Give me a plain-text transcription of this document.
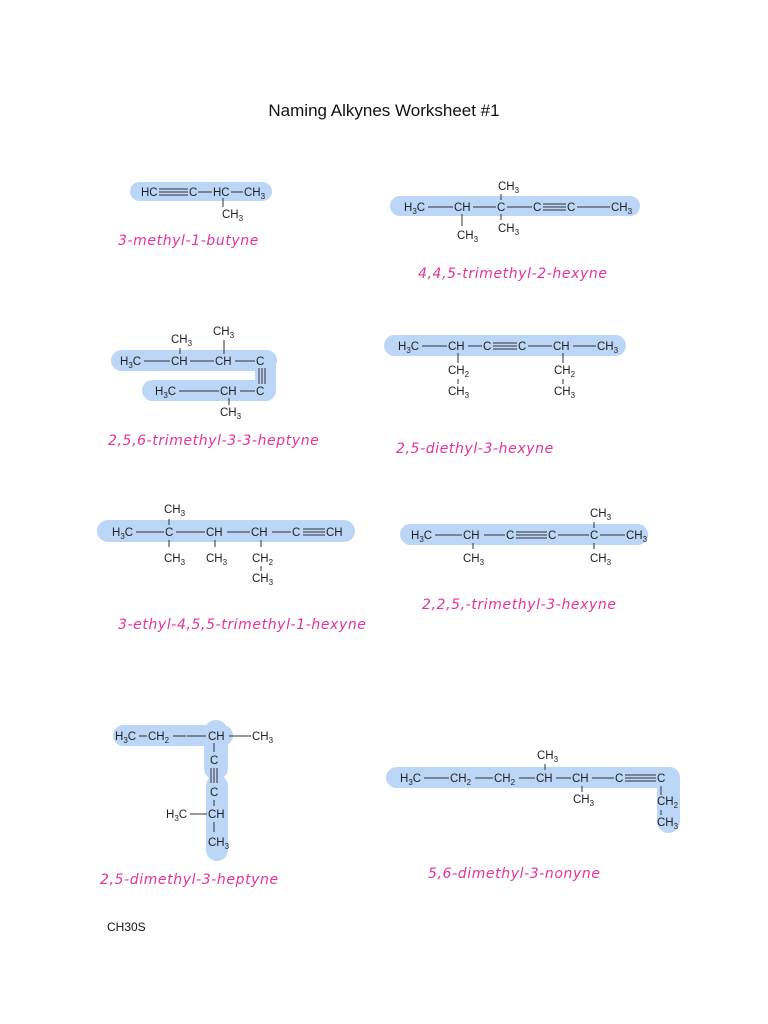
Naming Alkynes Worksheet #1
HC	C HC $CH_3$
$CH_3$
3-methyl-1-butyne
$H_3C$	CH C C C	$CH_3$
$CH_3$
$CH_3$
$CH_3$
4,4,5-trimethyl-2-hexyne
$H_3C$	CH CH C
C
$H_3C$	CH
$CH_3$
$CH_3$
$CH_3$
2,5,6-trimethyl-3-3-heptyne
$H_3C$	CH C C CH $CH_3$
$CH_2$
$CH_3$
$CH_2$
$CH_3$
2,5-diethyl-3-hexyne
$H_3C$	C	CH CH C CH
$CH_3$
$CH_3$ $CH_3$ $CH_2$
$CH_3$
3-ethyl-4,5,5-trimethyl-1-hexyne
$H_3C$	CH C	C	C $CH_3$
$CH_3$
$CH_3$
$CH_3$
2,2,5,-trimethyl-3-hexyne
$H_3C$ $CH_2$	CH $CH_3$
C
C
CH
$H_3C$
$CH_3$
2,5-dimethyl-3-heptyne
$H_3C$	$CH_2$ $CH_2$ CH CH C	C
$CH_3$
$CH_3$	$CH_2$
$CH_3$
5,6-dimethyl-3-nonyne
CH30S
